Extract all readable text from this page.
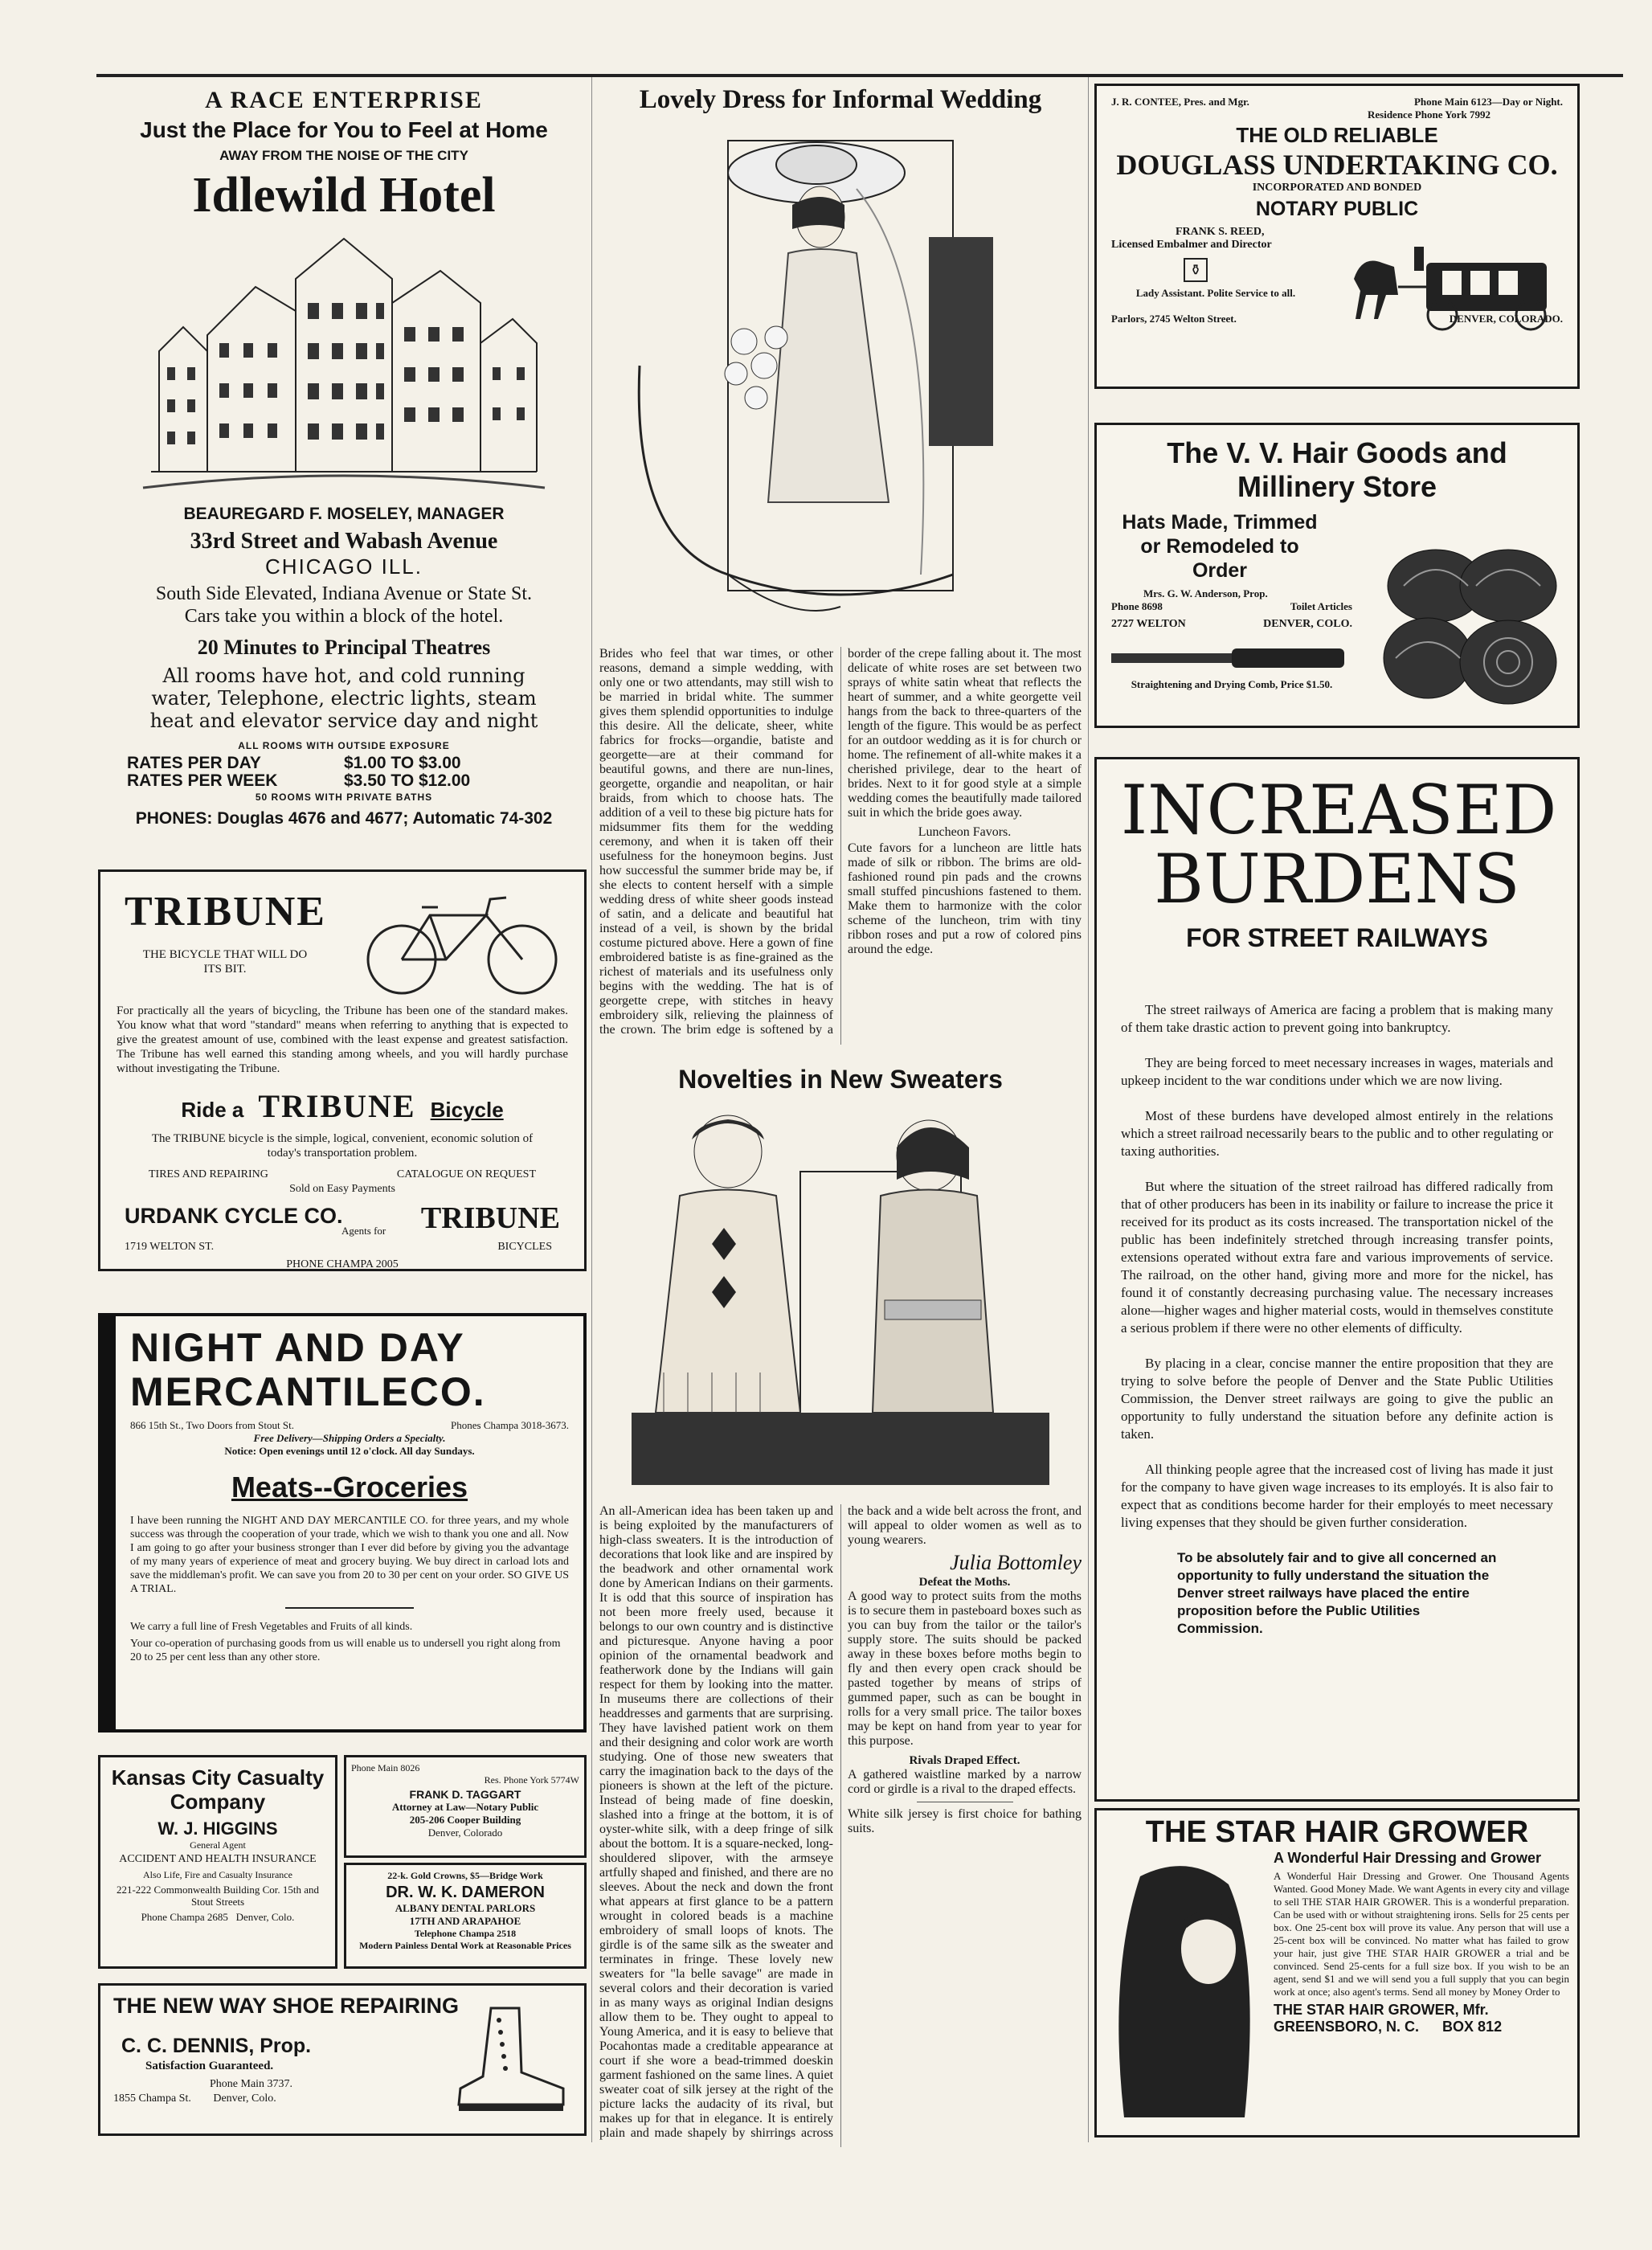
A RACE ENTERPRISE
Just the Place for You to Feel at Home
AWAY FROM THE NOISE OF THE CITY
Idlewild Hotel
BEAUREGARD F. MOSELEY, MANAGER
33rd Street and Wabash Avenue
CHICAGO ILL.
South Side Elevated, Indiana Avenue or State St. Cars take you within a block of the hotel.
20 Minutes to Principal Theatres
All rooms have hot, and cold running water, Telephone, electric lights, steam heat and elevator service day and night
ALL ROOMS WITH OUTSIDE EXPOSURE
RATES PER DAY	$1.00 TO $3.00
RATES PER WEEK	$3.50 TO $12.00
50 ROOMS WITH PRIVATE BATHS
PHONES: Douglas 4676 and 4677; Automatic 74-302
TRIBUNE
THE BICYCLE THAT WILL DO ITS BIT.
For practically all the years of bicycling, the Tribune has been one of the standard makes. You know what that word "standard" means when referring to anything that is expected to give the greatest amount of use, combined with the least expense and greatest satisfaction. The Tribune has well earned this standing among wheels, and you will hardly purchase without investigating the Tribune.
Ride a TRIBUNE Bicycle
The TRIBUNE bicycle is the simple, logical, convenient, economic solution of today's transportation problem.
TIRES AND REPAIRING	CATALOGUE ON REQUEST
Sold on Easy Payments
URDANK CYCLE CO.
Agents for TRIBUNE
1719 WELTON ST.	BICYCLES
PHONE CHAMPA 2005
NIGHT AND DAY
MERCANTILECO.
866 15th St., Two Doors from Stout St.	Phones Champa 3018-3673.
Free Delivery—Shipping Orders a Specialty.
Notice: Open evenings until 12 o'clock. All day Sundays.
Meats--Groceries
I have been running the NIGHT AND DAY MERCANTILE CO. for three years, and my whole success was through the cooperation of your trade, which we wish to thank you one and all. Now I am going to go after your business stronger than I ever did before by giving you the advantage of my many years of experience of meat and grocery buying. We buy direct in carload lots and save the middleman's profit. We can save you from 20 to 30 per cent on your order. SO GIVE US A TRIAL.
We carry a full line of Fresh Vegetables and Fruits of all kinds.
Your co-operation of purchasing goods from us will enable us to undersell you right along from 20 to 25 per cent less than any other store.
Kansas City Casualty Company
W. J. HIGGINS
General Agent
ACCIDENT AND HEALTH INSURANCE
Also Life, Fire and Casualty Insurance
221-222 Commonwealth Building Cor. 15th and Stout Streets
Phone Champa 2685 Denver, Colo.
Phone Main 8026
Res. Phone York 5774W
FRANK D. TAGGART
Attorney at Law—Notary Public
205-206 Cooper Building
Denver, Colorado
22-k. Gold Crowns, $5—Bridge Work
DR. W. K. DAMERON
ALBANY DENTAL PARLORS
17TH AND ARAPAHOE
Telephone Champa 2518
Modern Painless Dental Work at Reasonable Prices
THE NEW WAY SHOE REPAIRING
C. C. DENNIS, Prop.
Satisfaction Guaranteed.
Phone Main 3737.
1855 Champa St. Denver, Colo.
Lovely Dress for Informal Wedding
Brides who feel that war times, or other reasons, demand a simple wedding, with only one or two attendants, may still wish to be married in bridal white. The summer gives them splendid opportunities to indulge this desire. All the delicate, sheer, white fabrics for frocks—organdie, batiste and georgette—are at their command for beautiful gowns, and there are nun-lines, georgette, organdie and neapolitan, or hair braids, from which to choose hats. The addition of a veil to these big picture hats for midsummer fits them for the wedding ceremony, and when it is taken off their usefulness for the honeymoon begins. Just how successful the summer bride may be, if she elects to content herself with a simple wedding dress of white sheer goods instead of satin, and a delicate and beautiful hat instead of a veil, is shown by the bridal costume pictured above. Here a gown of fine embroidered batiste is as fine-grained as the richest of materials and its usefulness only begins with the wedding. The hat is of georgette crepe, with stitches in heavy embroidery silk, relieving the plainness of the crown. The brim edge is softened by a border of the crepe falling about it. The most delicate of white roses are set between two sprays of white satin wheat that reflects the heart of summer, and a white georgette veil hangs from the back to three-quarters of the length of the figure. This would be as perfect for an outdoor wedding as it is for church or home. The refinement of all-white makes it a cherished privilege, dear to the heart of brides. Next to it for good style at a simple wedding comes the beautifully made tailored suit in which the bride goes away.
Luncheon Favors.
Cute favors for a luncheon are little hats made of silk or ribbon. The brims are old-fashioned round pin pads and the crowns small stuffed pincushions fastened to them. Make them to harmonize with the color scheme of the luncheon, trim with tiny ribbon roses and put a row of colored pins around the edge.
Novelties in New Sweaters
An all-American idea has been taken up and is being exploited by the manufacturers of high-class sweaters. It is the introduction of decorations that look like and are inspired by the beadwork and other ornamental work done by American Indians on their garments. It is odd that this source of inspiration has not been more freely used, because it belongs to our own country and is distinctive and picturesque. Anyone having a poor opinion of the ornamental beadwork and featherwork done by the Indians will gain respect for them by looking into the matter. In museums there are collections of their headdresses and garments that are surprising. They have lavished patient work on them and their designing and color work are worth studying. One of those new sweaters that carry the imagination back to the days of the pioneers is shown at the left of the picture. Instead of being made of fine doeskin, slashed into a fringe at the bottom, it is of oyster-white silk, with a deep fringe of silk about the bottom. It is a square-necked, long-shouldered slipover, with the armseye artfully shaped and finished, and there are no sleeves. About the neck and down the front what appears at first glance to be a pattern wrought in colored beads is a machine embroidery of small loops of knots. The girdle is of the same silk as the sweater and terminates in fringe. These lovely new sweaters for "la belle savage" are made in several colors and their decoration is varied in as many ways as original Indian designs allow them to be. They ought to appeal to Young America, and it is easy to believe that Pocahontas made a creditable appearance at court if she wore a bead-trimmed doeskin garment fashioned on the same lines. A quiet sweater coat of silk jersey at the right of the picture lacks the audacity of its rival, but makes up for that in elegance. It is entirely plain and made shapely by shirrings across the back and a wide belt across the front, and will appeal to older women as well as to young wearers.
Julia Bottomley
Defeat the Moths.
A good way to protect suits from the moths is to secure them in pasteboard boxes such as you can buy from the tailor or the tailor's supply store. The suits should be packed away in these boxes before moths begin to fly and then every open crack should be pasted together by means of strips of gummed paper, such as can be bought in rolls for a very small price. The tailor boxes may be kept on hand from year to year for this purpose.
Rivals Draped Effect.
A gathered waistline marked by a narrow cord or girdle is a rival to the draped effects.
White silk jersey is first choice for bathing suits.
J. R. CONTEE, Pres. and Mgr.	Phone Main 6123—Day or Night.
Residence Phone York 7992
THE OLD RELIABLE
DOUGLASS UNDERTAKING CO.
INCORPORATED AND BONDED
NOTARY PUBLIC
FRANK S. REED,
Licensed Embalmer and Director
⚱
Lady Assistant. Polite Service to all.
Parlors, 2745 Welton Street.	DENVER, COLORADO.
The V. V. Hair Goods and Millinery Store
Hats Made, Trimmed or Remodeled to Order
Mrs. G. W. Anderson, Prop.
Phone 8698	Toilet Articles
2727 WELTON	DENVER, COLO.
Straightening and Drying Comb, Price $1.50.
INCREASED
BURDENS
FOR STREET RAILWAYS

The street railways of America are facing a problem that is making many of them take drastic action to prevent going into bankruptcy.

They are being forced to meet necessary increases in wages, materials and upkeep incident to the war conditions under which we are now living.

Most of these burdens have developed almost entirely in the relations which a street railroad necessarily bears to the public and to other regulating or taxing authorities.

But where the situation of the street railroad has differed radically from that of other producers has been in its inability or failure to increase the price it received for its product as its costs increased. The transportation nickel of the public has been indefinitely stretched through increasing transfer points, extensions operated without extra fare and various improvements of service. The railroad, on the other hand, giving more and more for the nickel, has found it of constantly decreasing purchasing value. The necessary increases alone—higher wages and higher material costs, would in themselves constitute a serious problem if there were no other elements of difficulty.

By placing in a clear, concise manner the entire proposition that they are trying to solve before the people of Denver and the State Public Utilities Commission, the Denver street railways are going to give the public an opportunity to fully understand the situation before any definite action is taken.

All thinking people agree that the increased cost of living has made it just for the company to have given wage increases to its employés. It is also fair to expect that as conditions become harder for their employés to meet necessary living expenses that they should be given further consideration.

To be absolutely fair and to give all concerned an opportunity to fully understand the situation the Denver street railways have placed the entire proposition before the Public Utilities Commission.
THE STAR HAIR GROWER
A Wonderful Hair Dressing and Grower
A Wonderful Hair Dressing and Grower. One Thousand Agents Wanted. Good Money Made. We want Agents in every city and village to sell THE STAR HAIR GROWER. This is a wonderful preparation. Can be used with or without straightening irons. Sells for 25 cents per box. One 25-cent box will prove its value. Any person that will use a 25-cent box will be convinced. No matter what has failed to grow your hair, just give THE STAR HAIR GROWER a trial and be convinced. Send 25-cents for a full size box. If you wish to be an agent, send $1 and we will send you a full supply that you can begin work at once; also agent's terms. Send all money by Money Order to
THE STAR HAIR GROWER, Mfr.
GREENSBORO, N. C. BOX 812
